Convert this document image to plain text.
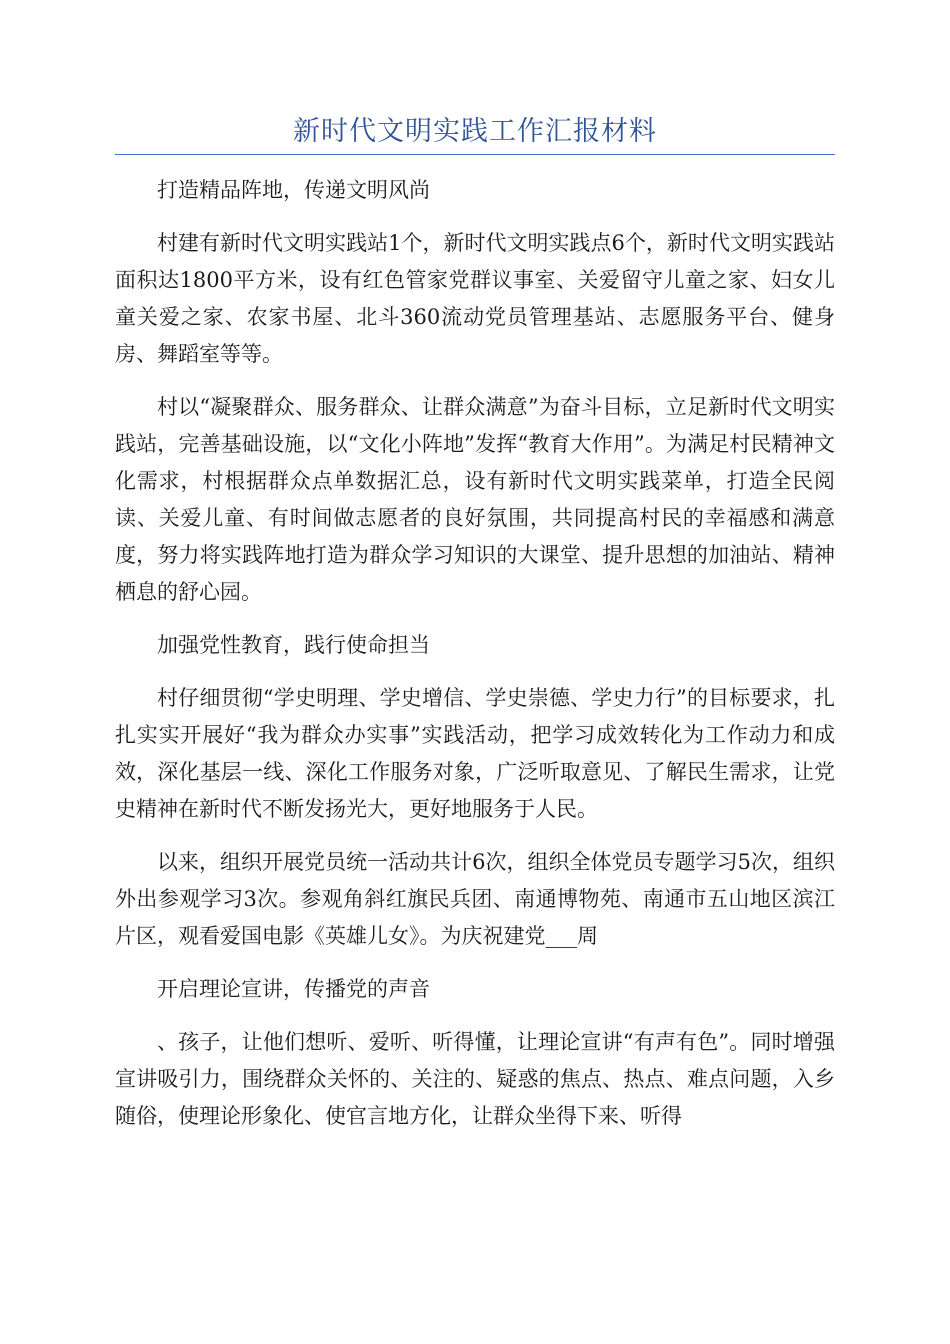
新时代文明实践工作汇报材料

打造精品阵地，传递文明风尚

村建有新时代文明实践站1个，新时代文明实践点6个，新时代文明实践站面积达1800平方米，设有红色管家党群议事室、关爱留守儿童之家、妇女儿童关爱之家、农家书屋、北斗360流动党员管理基站、志愿服务平台、健身房、舞蹈室等等。

村以“凝聚群众、服务群众、让群众满意”为奋斗目标，立足新时代文明实践站，完善基础设施，以“文化小阵地”发挥“教育大作用”。为满足村民精神文化需求，村根据群众点单数据汇总，设有新时代文明实践菜单，打造全民阅读、关爱儿童、有时间做志愿者的良好氛围，共同提高村民的幸福感和满意度，努力将实践阵地打造为群众学习知识的大课堂、提升思想的加油站、精神栖息的舒心园。

加强党性教育，践行使命担当

村仔细贯彻“学史明理、学史增信、学史崇德、学史力行”的目标要求，扎扎实实开展好“我为群众办实事”实践活动，把学习成效转化为工作动力和成效，深化基层一线、深化工作服务对象，广泛听取意见、了解民生需求，让党史精神在新时代不断发扬光大，更好地服务于人民。

以来，组织开展党员统一活动共计6次，组织全体党员专题学习5次，组织外出参观学习3次。参观角斜红旗民兵团、南通博物苑、南通市五山地区滨江片区，观看爱国电影《英雄儿女》。为庆祝建党___周

开启理论宣讲，传播党的声音

、孩子，让他们想听、爱听、听得懂，让理论宣讲“有声有色”。同时增强宣讲吸引力，围绕群众关怀的、关注的、疑惑的焦点、热点、难点问题，入乡随俗，使理论形象化、使官言地方化，让群众坐得下来、听得
